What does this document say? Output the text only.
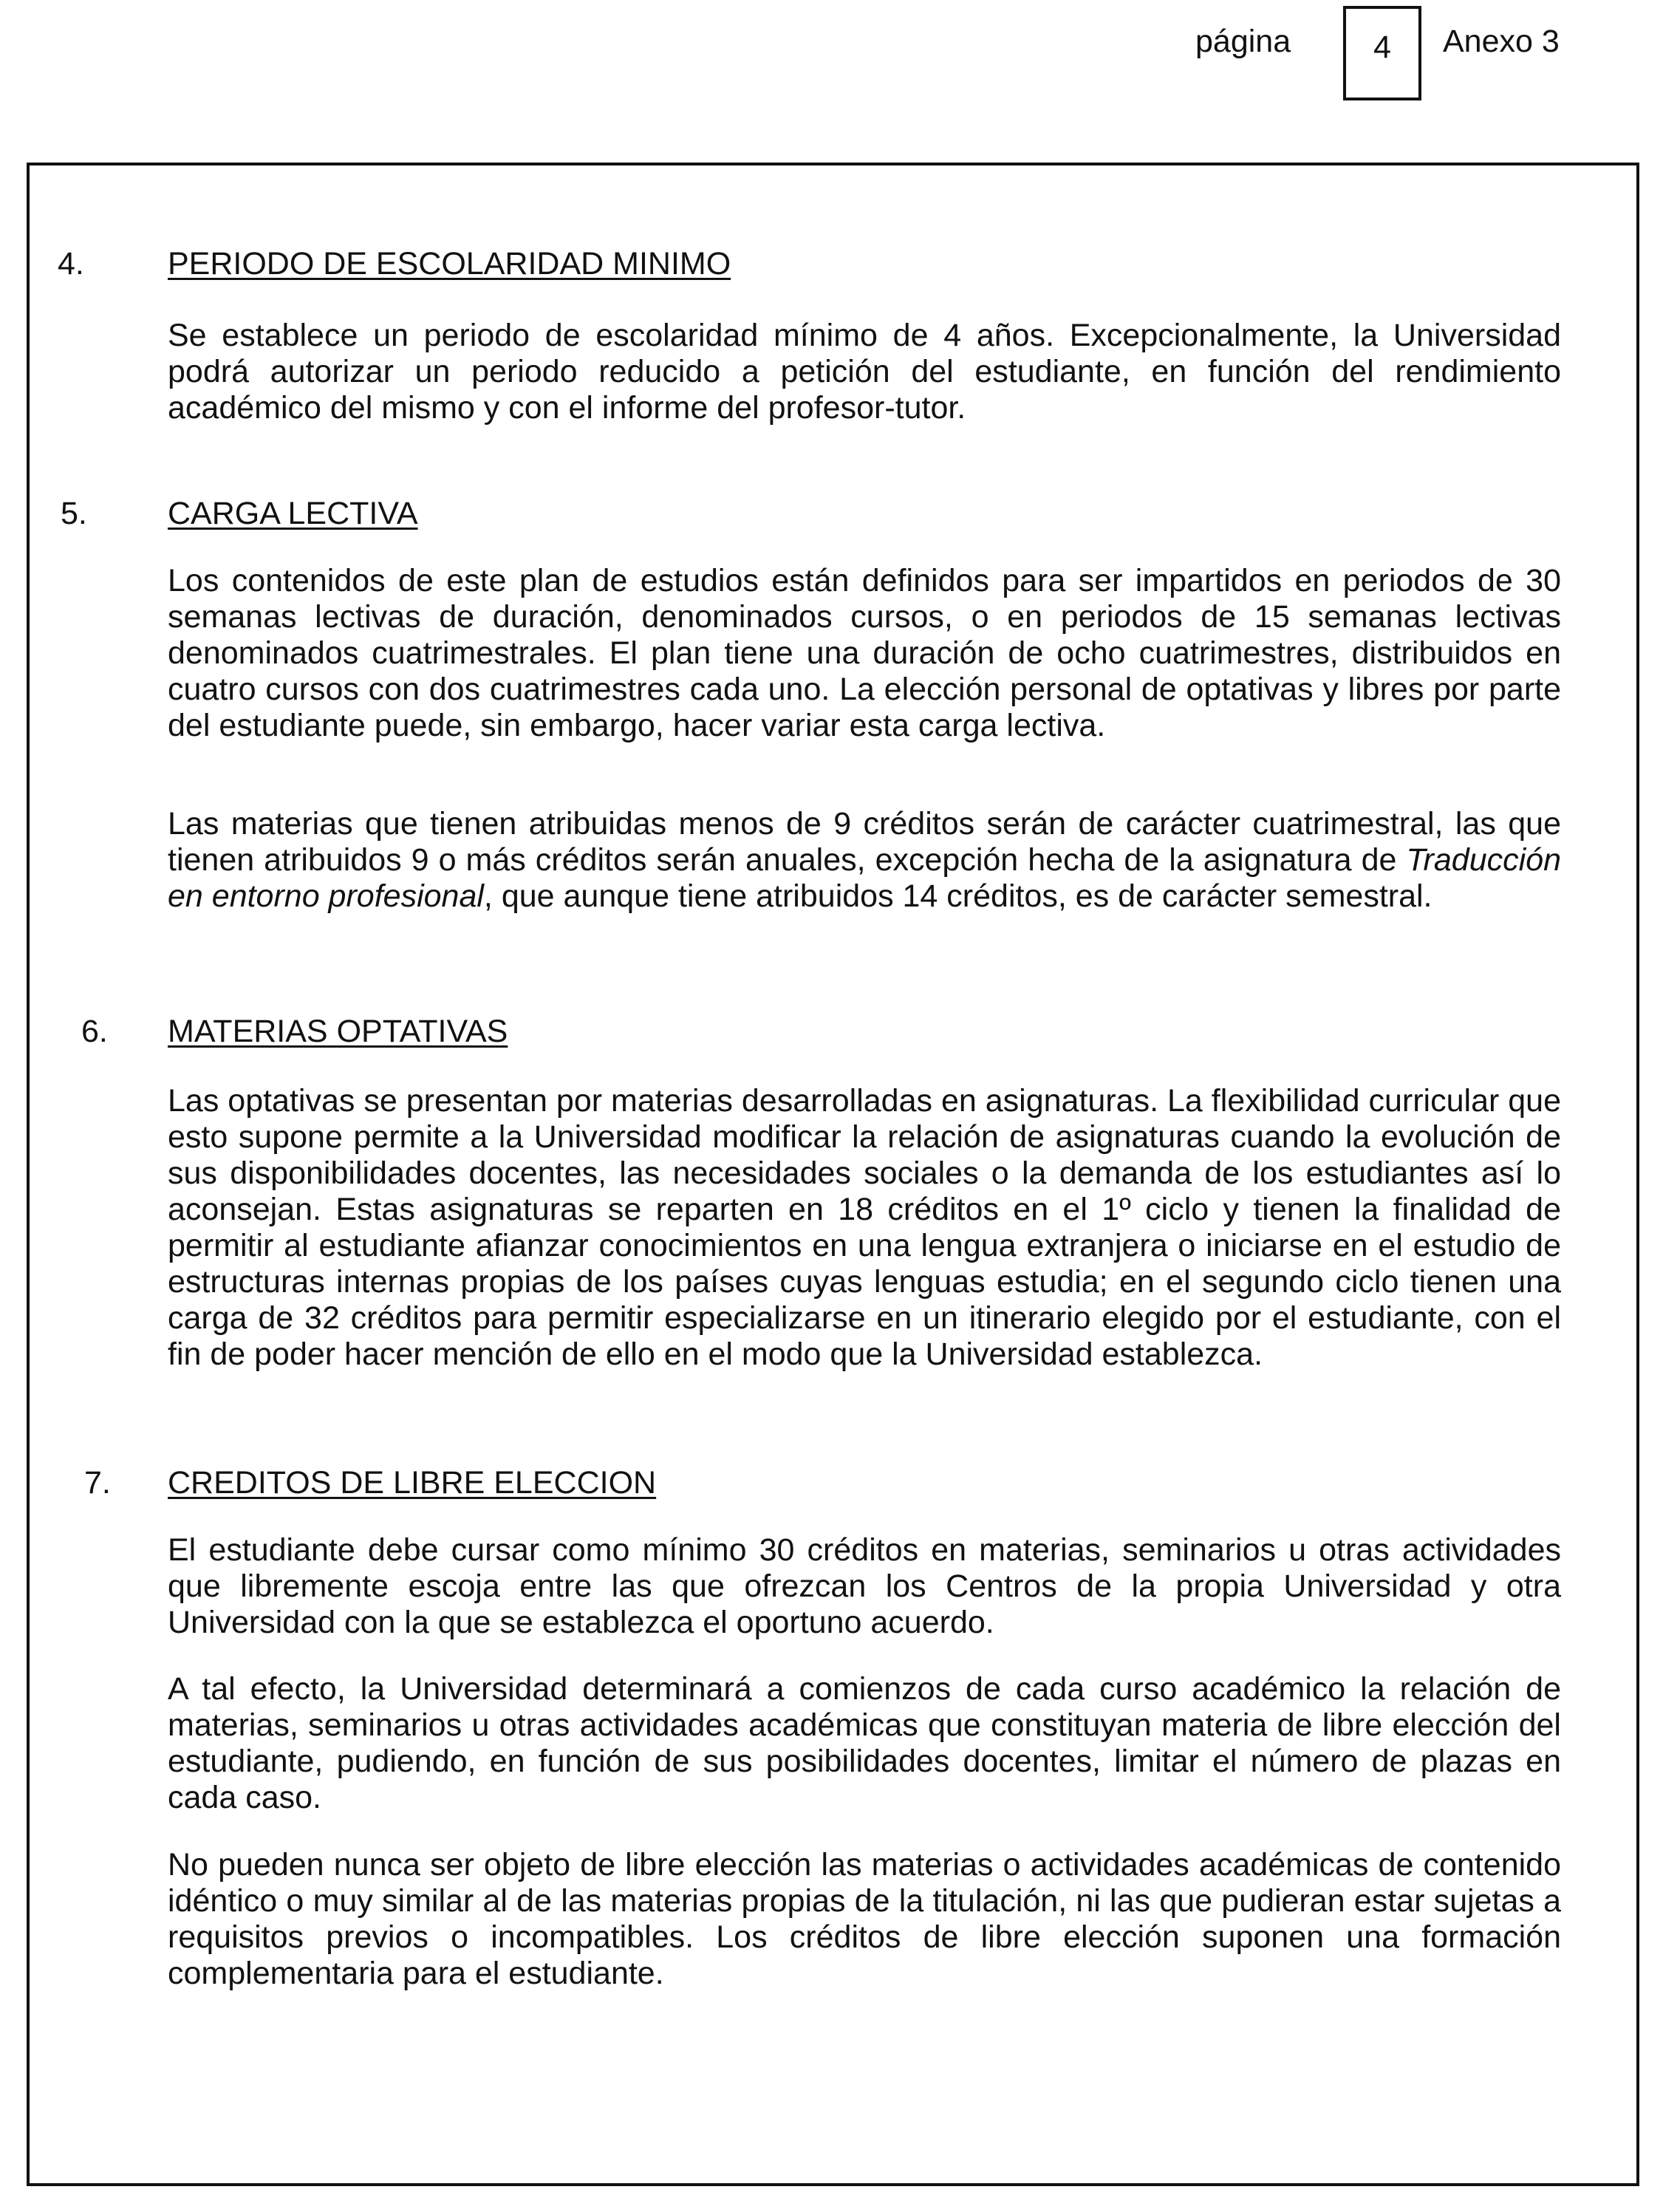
página	4	Anexo 3
4.	PERIODO DE ESCOLARIDAD MINIMO

Se establece un periodo de escolaridad mínimo de 4 años. Excepcionalmente, la Universidad podrá autorizar un periodo reducido a petición del estudiante, en función del rendimiento académico del mismo y con el informe del profesor-tutor.

5.	CARGA LECTIVA

Los contenidos de este plan de estudios están definidos para ser impartidos en periodos de 30 semanas lectivas de duración, denominados cursos, o en periodos de 15 semanas lectivas denominados cuatrimestrales. El plan tiene una duración de ocho cuatrimestres, distribuidos en cuatro cursos con dos cuatrimestres cada uno. La elección personal de optativas y libres por parte del estudiante puede, sin embargo, hacer variar esta carga lectiva.

Las materias que tienen atribuidas menos de 9 créditos serán de carácter cuatrimestral, las que tienen atribuidos 9 o más créditos serán anuales, excepción hecha de la asignatura de Traducción en entorno profesional, que aunque tiene atribuidos 14 créditos, es de carácter semestral.

6. MATERIAS OPTATIVAS

Las optativas se presentan por materias desarrolladas en asignaturas. La flexibilidad curricular que esto supone permite a la Universidad modificar la relación de asignaturas cuando la evolución de sus disponibilidades docentes, las necesidades sociales o la demanda de los estudiantes así lo aconsejan. Estas asignaturas se reparten en 18 créditos en el 1º ciclo y tienen la finalidad de permitir al estudiante afianzar conocimientos en una lengua extranjera o iniciarse en el estudio de estructuras internas propias de los países cuyas lenguas estudia; en el segundo ciclo tienen una carga de 32 créditos para permitir especializarse en un itinerario elegido por el estudiante, con el fin de poder hacer mención de ello en el modo que la Universidad establezca.

7. CREDITOS DE LIBRE ELECCION

El estudiante debe cursar como mínimo 30 créditos en materias, seminarios u otras actividades que libremente escoja entre las que ofrezcan los Centros de la propia Universidad y otra Universidad con la que se establezca el oportuno acuerdo.

A tal efecto, la Universidad determinará a comienzos de cada curso académico la relación de materias, seminarios u otras actividades académicas que constituyan materia de libre elección del estudiante, pudiendo, en función de sus posibilidades docentes, limitar el número de plazas en cada caso.

No pueden nunca ser objeto de libre elección las materias o actividades académicas de contenido idéntico o muy similar al de las materias propias de la titulación, ni las que pudieran estar sujetas a requisitos previos o incompatibles. Los créditos de libre elección suponen una formación complementaria para el estudiante.
